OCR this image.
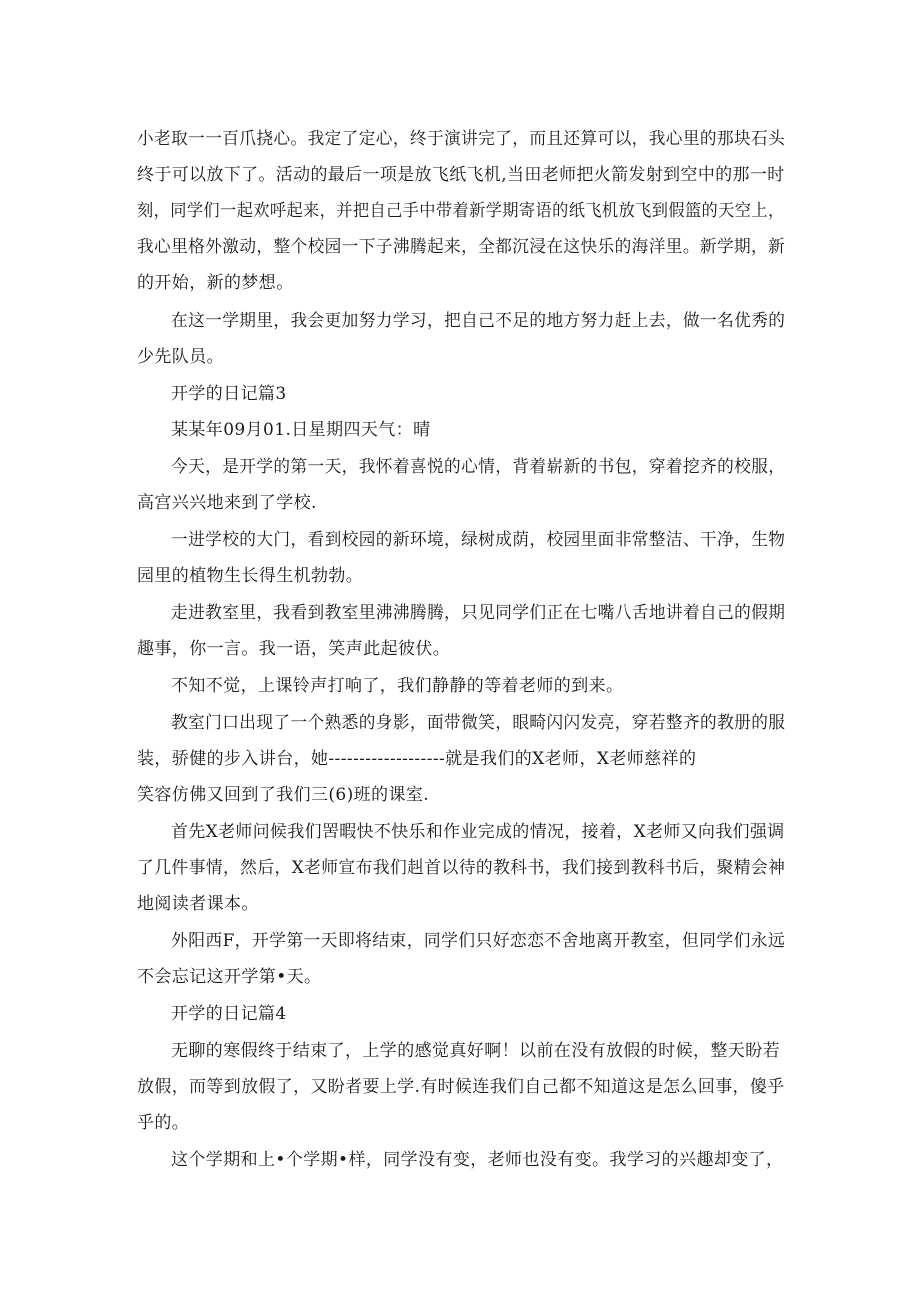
小老取一一百爪挠心。我定了定心，终于演讲完了，而且还算可以，我心里的那块石头
终于可以放下了。活动的最后一项是放飞纸飞机,当田老师把火箭发射到空中的那一时
刻，同学们一起欢呼起来，并把自己手中带着新学期寄语的纸飞机放飞到假篮的天空上，
我心里格外激动，整个校园一下子沸腾起来，全都沉浸在这快乐的海洋里。新学期，新
的开始，新的梦想。
在这一学期里，我会更加努力学习，把自己不足的地方努力赶上去，做一名优秀的
少先队员。
开学的日记篇3
某某年09月01.日星期四天气：晴
今天，是开学的第一天，我怀着喜悦的心情，背着崭新的书包，穿着挖齐的校服，
高宫兴兴地来到了学校.
一进学校的大门，看到校园的新环境，绿树成荫，校园里面非常整洁、干净，生物
园里的植物生长得生机勃勃。
走进教室里，我看到教室里沸沸腾腾，只见同学们正在七嘴八舌地讲着自己的假期
趣事，你一言。我一语，笑声此起彼伏。
不知不觉，上课铃声打响了，我们静静的等着老师的到来。
教室门口出现了一个熟悉的身影，面带微笑，眼畸闪闪发亮，穿若整齐的教册的服
装，骄健的步入讲台，她-------------------就是我们的X老师，X老师慈祥的
笑容仿佛又回到了我们三(6)班的课室.
首先X老师问候我们罟暇快不快乐和作业完成的情况，接着，X老师又向我们强调
了几件事情，然后，X老师宣布我们赳首以待的教科书，我们接到教科书后，聚精会神
地阅读者课本。
外阳西F，开学第一天即将结束，同学们只好恋恋不舍地离开教室，但同学们永远
不会忘记这开学第•天。
开学的日记篇4
无聊的寒假终于结束了，上学的感觉真好啊！以前在没有放假的时候，整天盼若
放假，而等到放假了，又盼者要上学.有时候连我们自己都不知道这是怎么回事，傻乎
乎的。
这个学期和上•个学期•样，同学没有变，老师也没有变。我学习的兴趣却变了，
